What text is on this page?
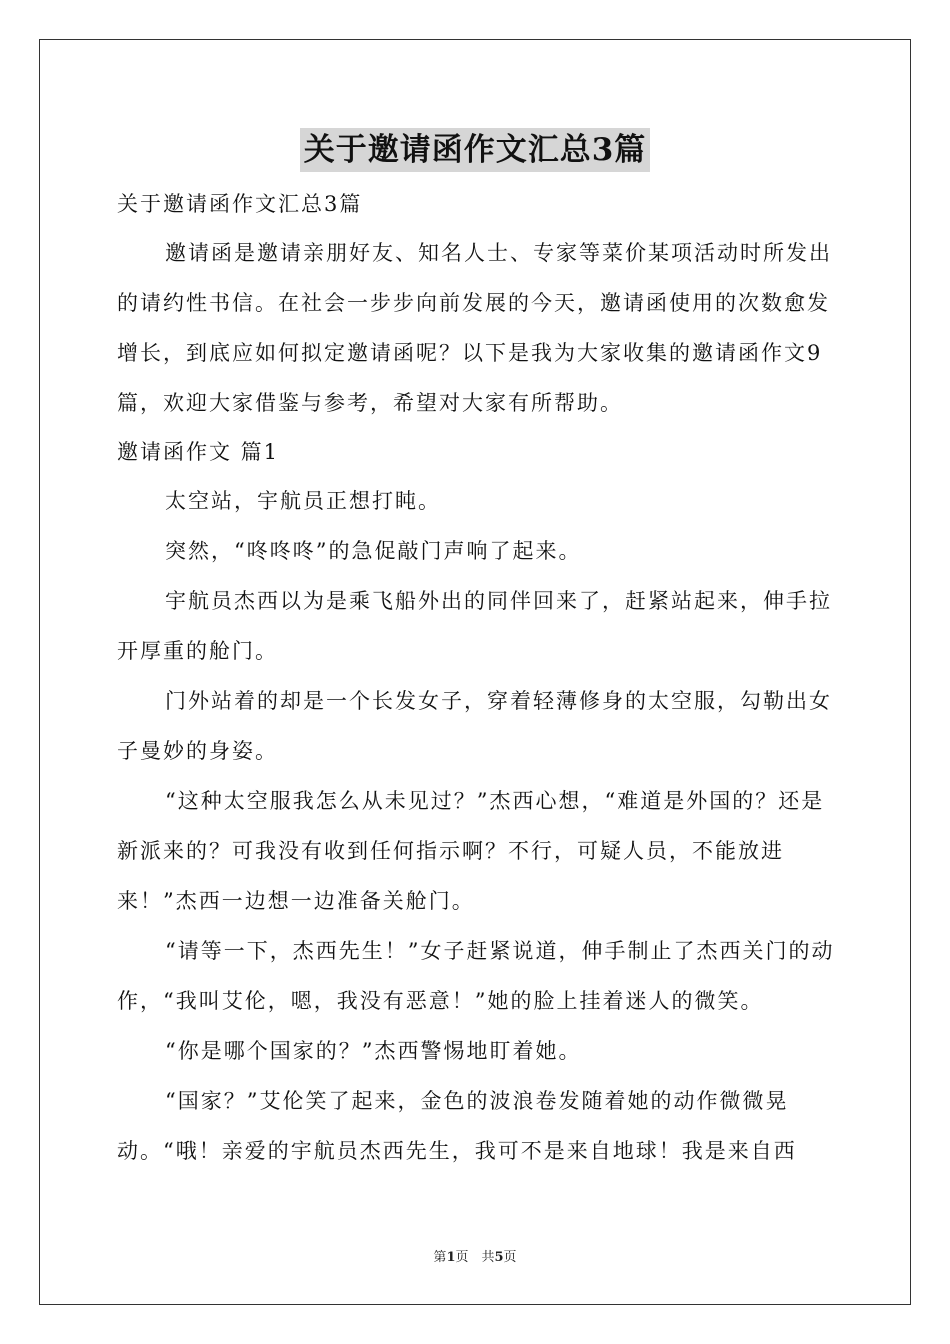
关于邀请函作文汇总3篇

关于邀请函作文汇总3篇

邀请函是邀请亲朋好友、知名人士、专家等菜价某项活动时所发出的请约性书信。在社会一步步向前发展的今天，邀请函使用的次数愈发增长，到底应如何拟定邀请函呢？以下是我为大家收集的邀请函作文9篇，欢迎大家借鉴与参考，希望对大家有所帮助。

邀请函作文 篇1

太空站，宇航员正想打盹。

突然，“咚咚咚”的急促敲门声响了起来。

宇航员杰西以为是乘飞船外出的同伴回来了，赶紧站起来，伸手拉开厚重的舱门。

门外站着的却是一个长发女子，穿着轻薄修身的太空服，勾勒出女子曼妙的身姿。

“这种太空服我怎么从未见过？”杰西心想，“难道是外国的？还是新派来的？可我没有收到任何指示啊？不行，可疑人员，不能放进来！”杰西一边想一边准备关舱门。

“请等一下，杰西先生！”女子赶紧说道，伸手制止了杰西关门的动作，“我叫艾伦，嗯，我没有恶意！”她的脸上挂着迷人的微笑。

“你是哪个国家的？”杰西警惕地盯着她。

“国家？”艾伦笑了起来，金色的波浪卷发随着她的动作微微晃动。“哦！亲爱的宇航员杰西先生，我可不是来自地球！我是来自西

第1页　共5页
